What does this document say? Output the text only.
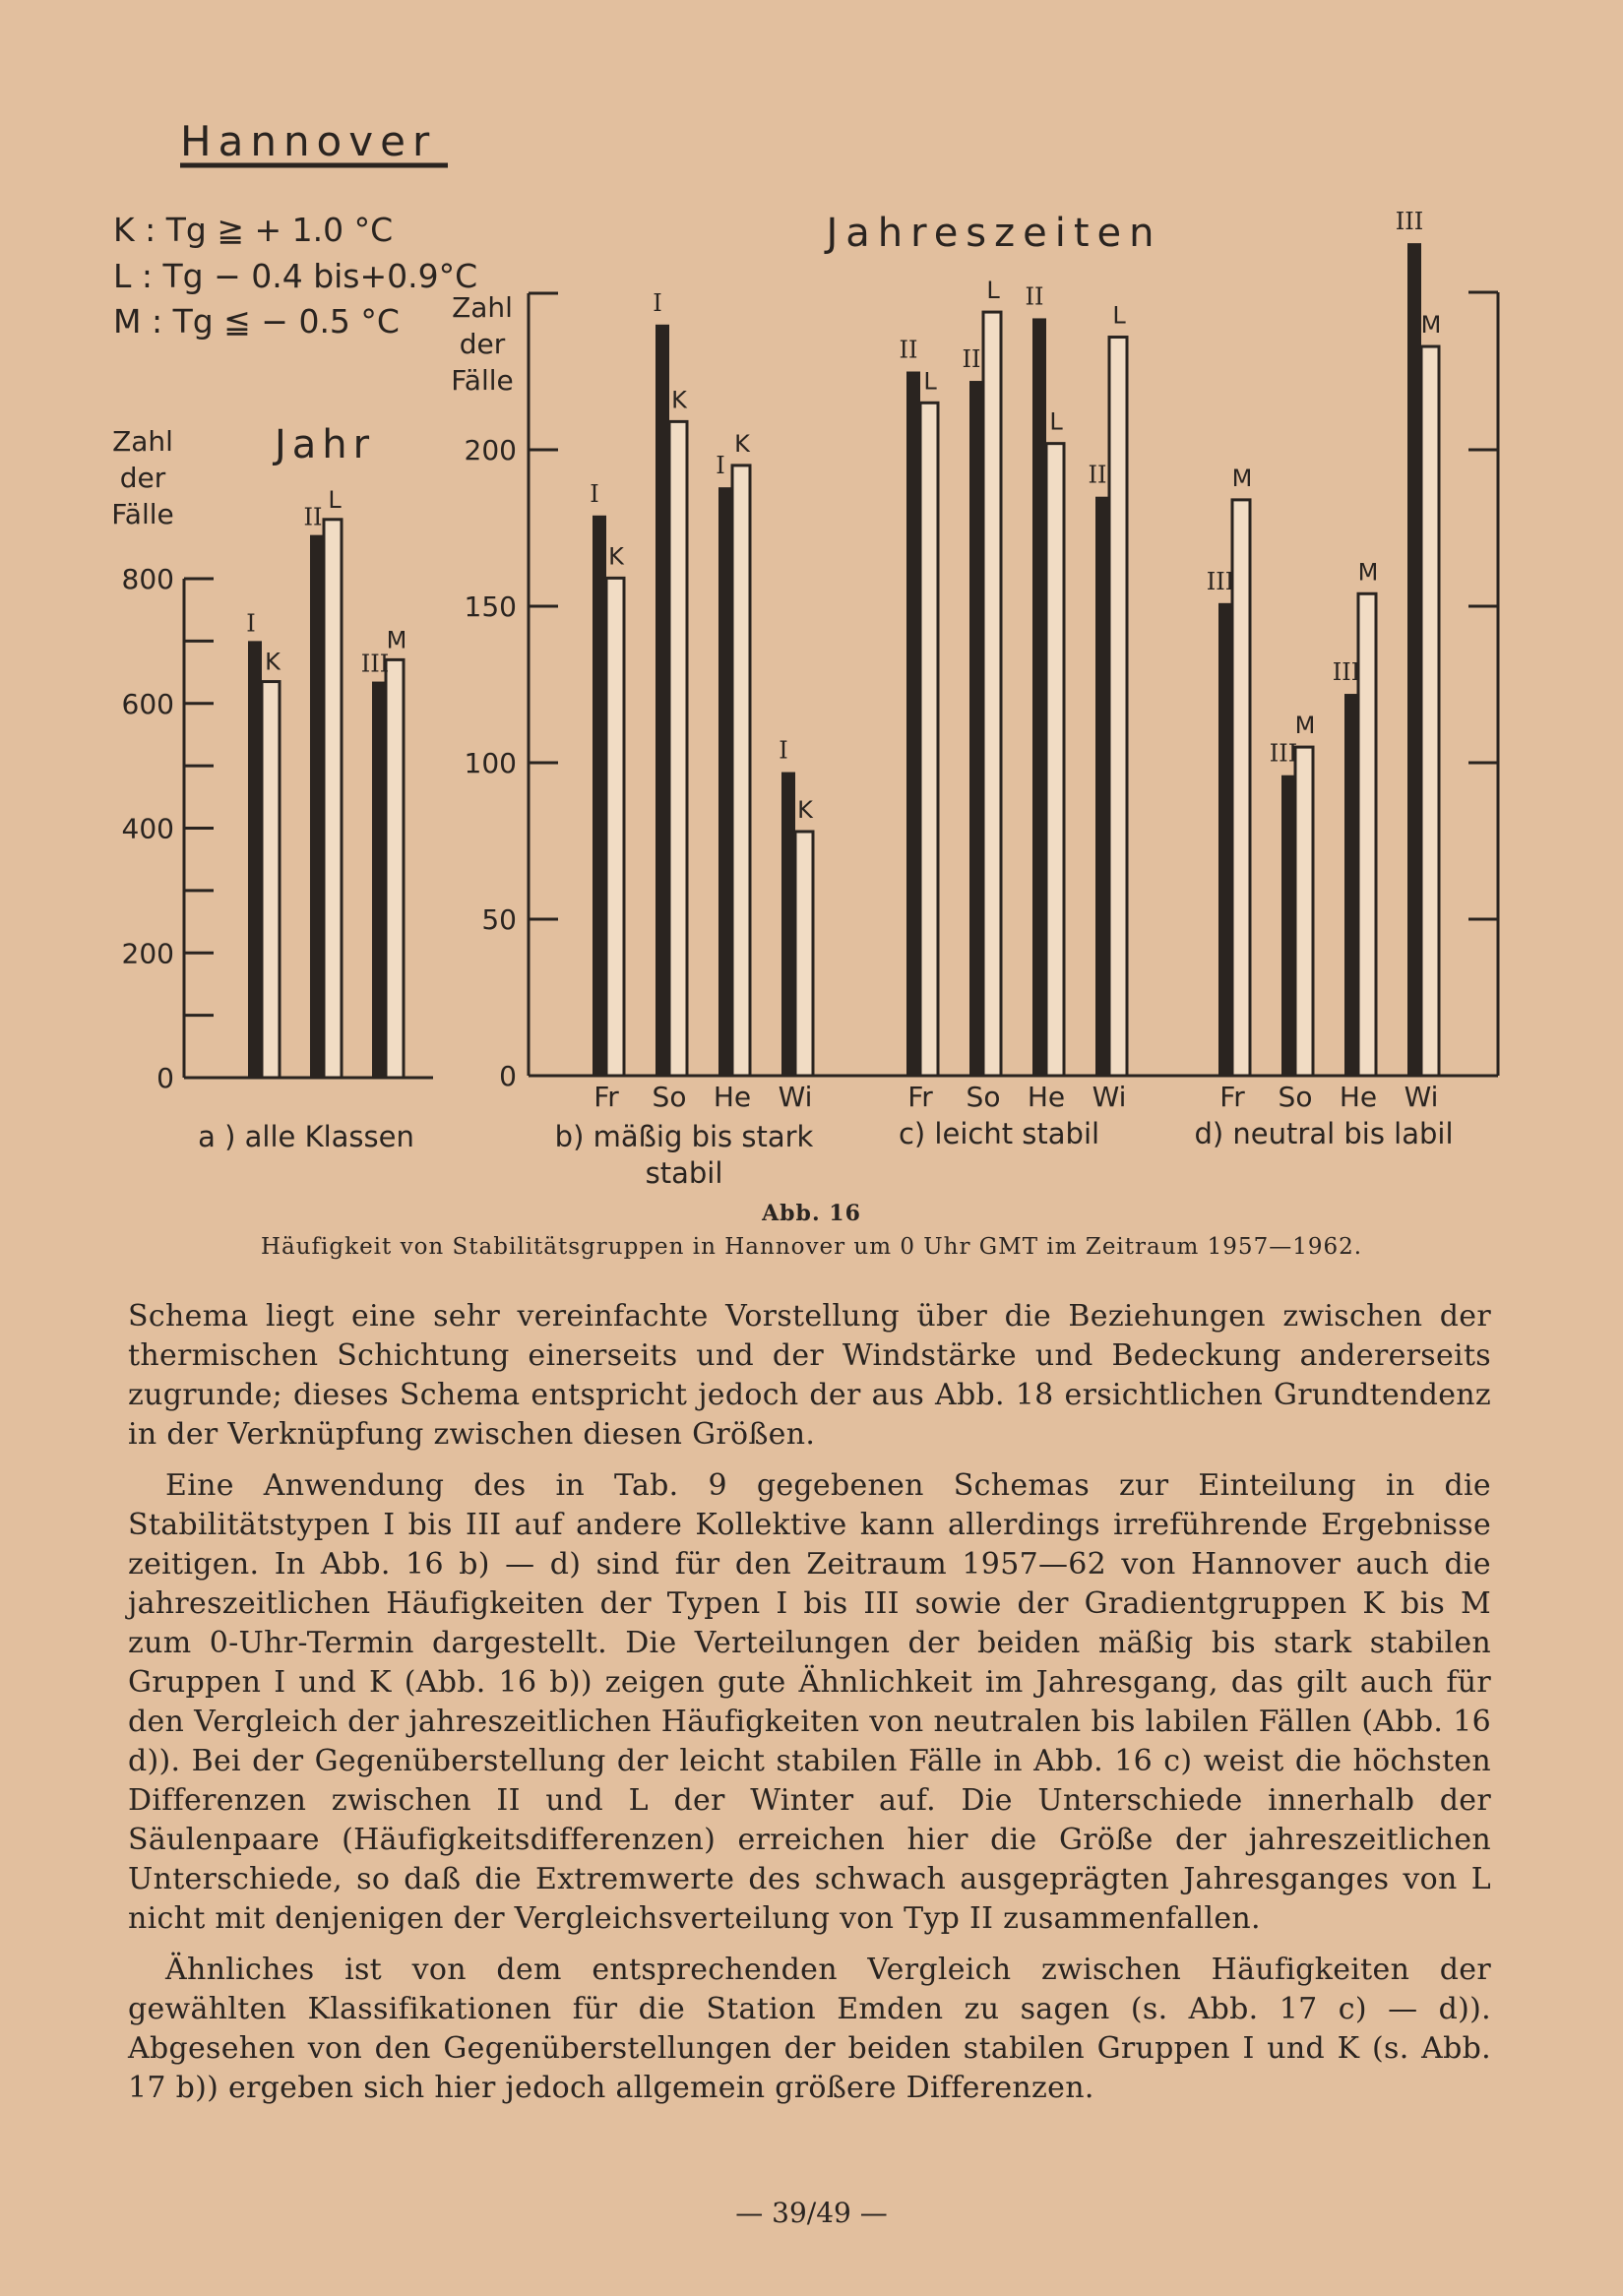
Hannover
K : Tg ≧ + 1.0 °C
L : Tg − 0.4 bis+0.9°C
M : Tg ≦ − 0.5 °C
0
200
400
600
800
Zahl
der
Fälle
Jahr
a ) alle Klassen
I
K
II
L
III
M
0
50
100
150
200
Zahl
der
Fälle
Jahreszeiten
I
K
Fr
I
K
So
I
K
He
I
K
Wi
b) mäßig bis stark
stabil
II
L
Fr
II
L
So
II
L
He
II
L
Wi
c) leicht stabil
III
M
Fr
III
M
So
III
M
He
III
M
Wi
d) neutral bis labil
Abb. 16
Häufigkeit von Stabilitätsgruppen in Hannover um 0 Uhr GMT im Zeitraum 1957—1962.

Schema liegt eine sehr vereinfachte Vorstellung über die Beziehungen zwischen der thermischen Schichtung einerseits und der Windstärke und Bedeckung andererseits zugrunde; dieses Schema entspricht jedoch der aus Abb. 18 ersichtlichen Grundtendenz in der Verknüpfung zwischen diesen Größen.

Eine Anwendung des in Tab. 9 gegebenen Schemas zur Einteilung in die Stabilitätstypen I bis III auf andere Kollektive kann allerdings irreführende Ergebnisse zeitigen. In Abb. 16 b) — d) sind für den Zeitraum 1957—62 von Hannover auch die jahreszeitlichen Häufigkeiten der Typen I bis III sowie der Gradientgruppen K bis M zum 0-Uhr-Termin dargestellt. Die Verteilungen der beiden mäßig bis stark stabilen Gruppen I und K (Abb. 16 b)) zeigen gute Ähnlichkeit im Jahresgang, das gilt auch für den Vergleich der jahreszeitlichen Häufigkeiten von neutralen bis labilen Fällen (Abb. 16 d)). Bei der Gegenüberstellung der leicht stabilen Fälle in Abb. 16 c) weist die höchsten Differenzen zwischen II und L der Winter auf. Die Unterschiede innerhalb der Säulenpaare (Häufigkeitsdifferenzen) erreichen hier die Größe der jahreszeitlichen Unterschiede, so daß die Extremwerte des schwach ausgeprägten Jahresganges von L nicht mit denjenigen der Vergleichsverteilung von Typ II zusammenfallen.

Ähnliches ist von dem entsprechenden Vergleich zwischen Häufigkeiten der gewählten Klassifikationen für die Station Emden zu sagen (s. Abb. 17 c) — d)). Abgesehen von den Gegenüberstellungen der beiden stabilen Gruppen I und K (s. Abb. 17 b)) ergeben sich hier jedoch allgemein größere Differenzen.

— 39/49 —
